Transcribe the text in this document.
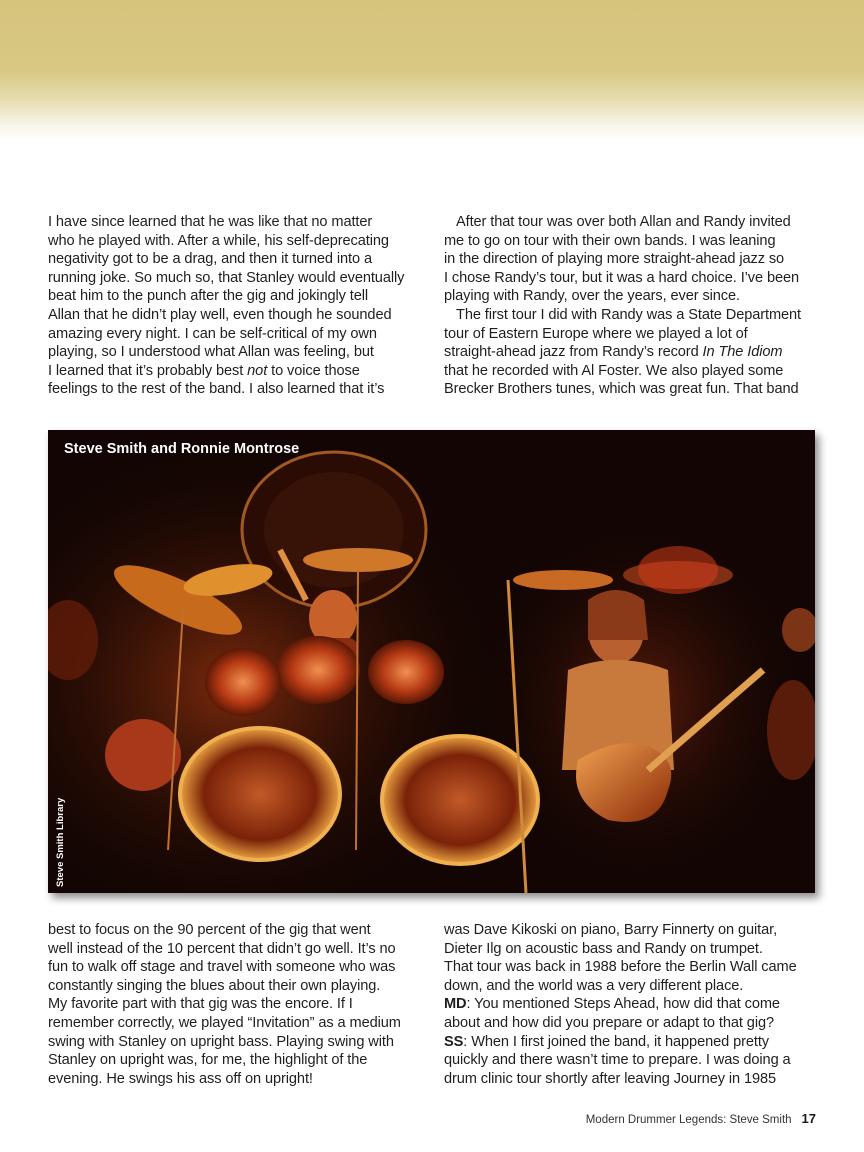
I have since learned that he was like that no matter
who he played with. After a while, his self-deprecating
negativity got to be a drag, and then it turned into a
running joke. So much so, that Stanley would eventually
beat him to the punch after the gig and jokingly tell
Allan that he didn’t play well, even though he sounded
amazing every night. I can be self-critical of my own
playing, so I understood what Allan was feeling, but
I learned that it’s probably best not to voice those
feelings to the rest of the band. I also learned that it’s
After that tour was over both Allan and Randy invited
me to go on tour with their own bands. I was leaning
in the direction of playing more straight-ahead jazz so
I chose Randy’s tour, but it was a hard choice. I’ve been
playing with Randy, over the years, ever since.
The first tour I did with Randy was a State Department
tour of Eastern Europe where we played a lot of
straight-ahead jazz from Randy’s record In The Idiom
that he recorded with Al Foster. We also played some
Brecker Brothers tunes, which was great fun. That band
Steve Smith and Ronnie Montrose
Steve Smith Library
best to focus on the 90 percent of the gig that went
well instead of the 10 percent that didn’t go well. It’s no
fun to walk off stage and travel with someone who was
constantly singing the blues about their own playing.
My favorite part with that gig was the encore. If I
remember correctly, we played “Invitation” as a medium
swing with Stanley on upright bass. Playing swing with
Stanley on upright was, for me, the highlight of the
evening. He swings his ass off on upright!
was Dave Kikoski on piano, Barry Finnerty on guitar,
Dieter Ilg on acoustic bass and Randy on trumpet.
That tour was back in 1988 before the Berlin Wall came
down, and the world was a very different place.
MD: You mentioned Steps Ahead, how did that come
about and how did you prepare or adapt to that gig?
SS: When I first joined the band, it happened pretty
quickly and there wasn’t time to prepare. I was doing a
drum clinic tour shortly after leaving Journey in 1985
Modern Drummer Legends: Steve Smith 17
